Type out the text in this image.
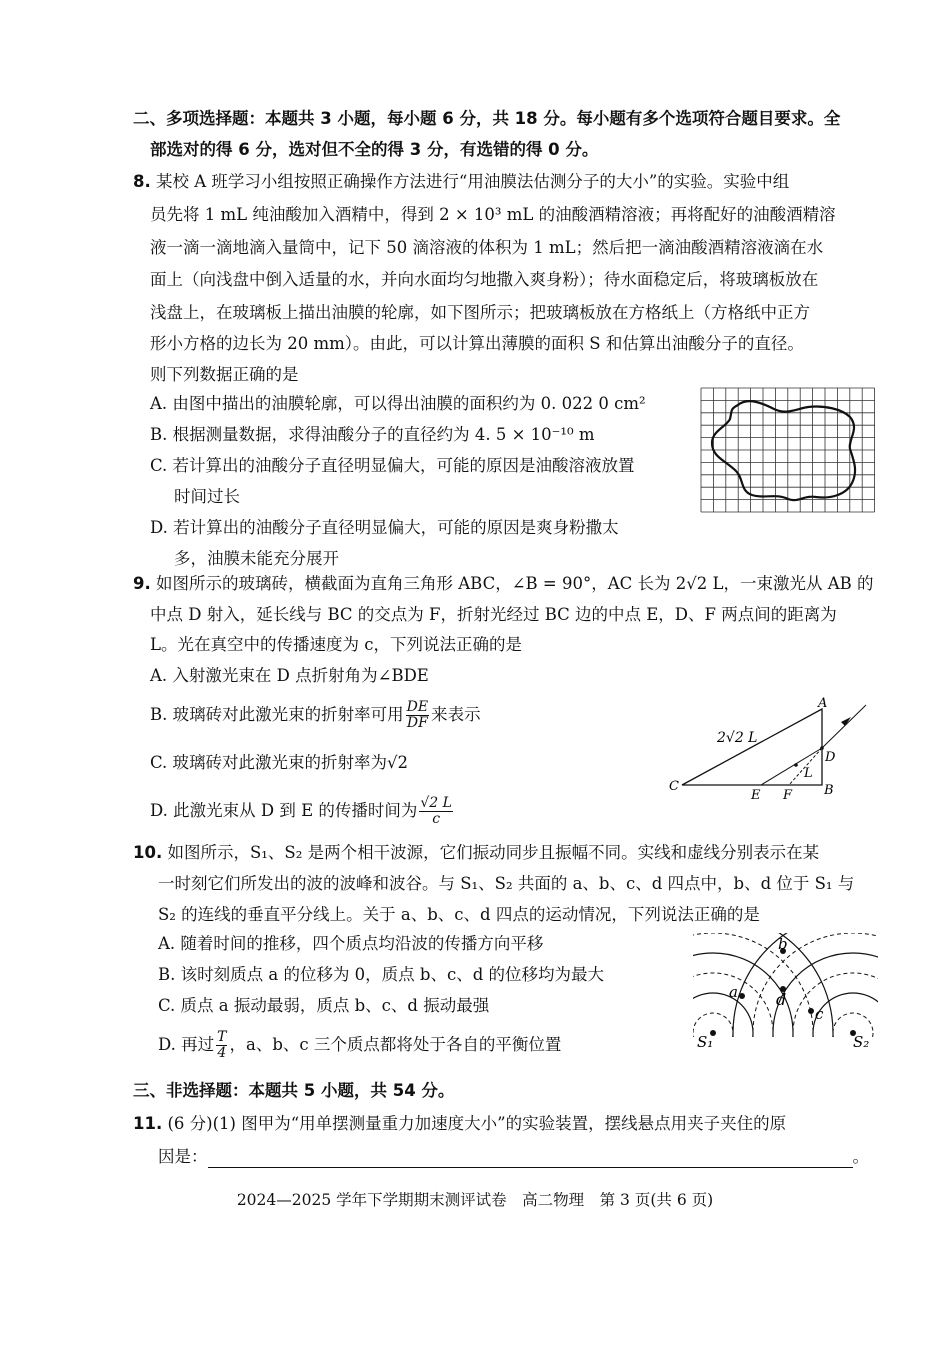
二、多项选择题：本题共 3 小题，每小题 6 分，共 18 分。每小题有多个选项符合题目要求。全
部选对的得 6 分，选对但不全的得 3 分，有选错的得 0 分。
8. 某校 A 班学习小组按照正确操作方法进行“用油膜法估测分子的大小”的实验。实验中组
员先将 1 mL 纯油酸加入酒精中，得到 2 × 10³ mL 的油酸酒精溶液；再将配好的油酸酒精溶
液一滴一滴地滴入量筒中，记下 50 滴溶液的体积为 1 mL；然后把一滴油酸酒精溶液滴在水
面上（向浅盘中倒入适量的水，并向水面均匀地撒入爽身粉）；待水面稳定后，将玻璃板放在
浅盘上，在玻璃板上描出油膜的轮廓，如下图所示；把玻璃板放在方格纸上（方格纸中正方
形小方格的边长为 20 mm）。由此，可以计算出薄膜的面积 S 和估算出油酸分子的直径。
则下列数据正确的是
A. 由图中描出的油膜轮廓，可以得出油膜的面积约为 0. 022 0 cm²
B. 根据测量数据，求得油酸分子的直径约为 4. 5 × 10⁻¹⁰ m
C. 若计算出的油酸分子直径明显偏大，可能的原因是油酸溶液放置
时间过长
D. 若计算出的油酸分子直径明显偏大，可能的原因是爽身粉撒太
多，油膜未能充分展开
9. 如图所示的玻璃砖，横截面为直角三角形 ABC，∠B = 90°，AC 长为 2√2 L，一束激光从 AB 的
中点 D 射入，延长线与 BC 的交点为 F，折射光经过 BC 边的中点 E，D、F 两点间的距离为
L。光在真空中的传播速度为 c，下列说法正确的是
A. 入射激光束在 D 点折射角为∠BDE
B. 玻璃砖对此激光束的折射率可用 $\frac{DE}{DF}$ 来表示
C. 玻璃砖对此激光束的折射率为√2
D. 此激光束从 D 到 E 的传播时间为 $\frac{√2 L}{c}$
2√2 L
A
B
C
D
E F
L
10. 如图所示，S₁、S₂ 是两个相干波源，它们振动同步且振幅不同。实线和虚线分别表示在某
一时刻它们所发出的波的波峰和波谷。与 S₁、S₂ 共面的 a、b、c、d 四点中，b、d 位于 S₁ 与
S₂ 的连线的垂直平分线上。关于 a、b、c、d 四点的运动情况，下列说法正确的是
A. 随着时间的推移，四个质点均沿波的传播方向平移
B. 该时刻质点 a 的位移为 0，质点 b、c、d 的位移均为最大
C. 质点 a 振动最弱，质点 b、c、d 振动最强
D. 再过 $\frac{T}{4}$ ，a、b、c 三个质点都将处于各自的平衡位置
b
a d
c
S₁	S₂
三、非选择题：本题共 5 小题，共 54 分。
11. (6 分)(1) 图甲为“用单摆测量重力加速度大小”的实验装置，摆线悬点用夹子夹住的原
因是：	。
2024—2025 学年下学期期末测评试卷　高二物理　第 3 页(共 6 页)
